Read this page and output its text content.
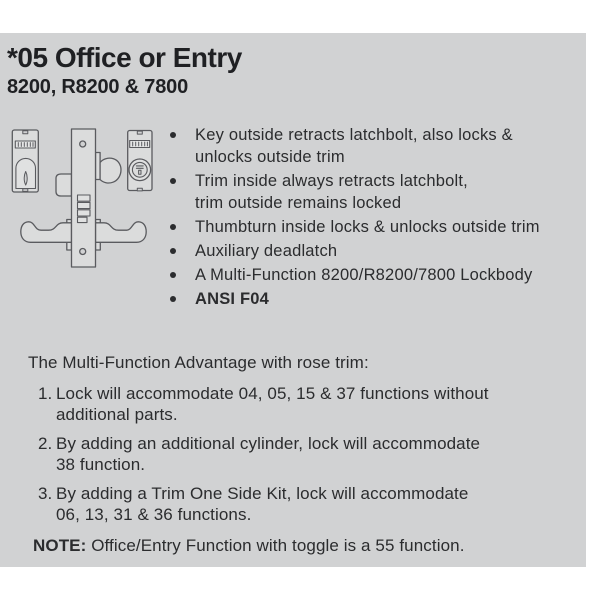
*05 Office or Entry
8200, R8200 & 7800
Key outside retracts latchbolt, also locks &
unlocks outside trim
Trim inside always retracts latchbolt,
trim outside remains locked
Thumbturn inside locks & unlocks outside trim
Auxiliary deadlatch
A Multi-Function 8200/R8200/7800 Lockbody
ANSI F04
The Multi-Function Advantage with rose trim:
1. Lock will accommodate 04, 05, 15 & 37 functions without
additional parts.
2. By adding an additional cylinder, lock will accommodate
38 function.
3. By adding a Trim One Side Kit, lock will accommodate
06, 13, 31 & 36 functions.
NOTE: Office/Entry Function with toggle is a 55 function.
